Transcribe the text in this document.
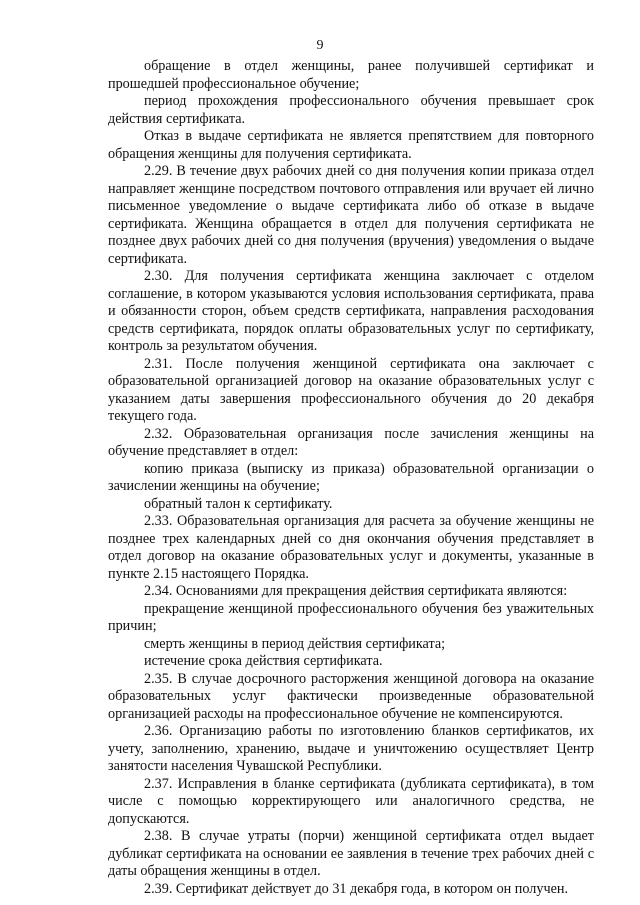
9

обращение в отдел женщины, ранее получившей сертификат и прошедшей профессиональное обучение;

период прохождения профессионального обучения превышает срок действия сертификата.

Отказ в выдаче сертификата не является препятствием для повторного обращения женщины для получения сертификата.

2.29. В течение двух рабочих дней со дня получения копии приказа отдел направляет женщине посредством почтового отправления или вручает ей лично письменное уведомление о выдаче сертификата либо об отказе в выдаче сертификата. Женщина обращается в отдел для получения сертификата не позднее двух рабочих дней со дня получения (вручения) уведомления о выдаче сертификата.

2.30. Для получения сертификата женщина заключает с отделом соглашение, в котором указываются условия использования сертификата, права и обязанности сторон, объем средств сертификата, направления расходования средств сертификата, порядок оплаты образовательных услуг по сертификату, контроль за результатом обучения.

2.31. После получения женщиной сертификата она заключает с образовательной организацией договор на оказание образовательных услуг с указанием даты завершения профессионального обучения до 20 декабря текущего года.

2.32. Образовательная организация после зачисления женщины на обучение представляет в отдел:

копию приказа (выписку из приказа) образовательной организации о зачислении женщины на обучение;

обратный талон к сертификату.

2.33. Образовательная организация для расчета за обучение женщины не позднее трех календарных дней со дня окончания обучения представляет в отдел договор на оказание образовательных услуг и документы, указанные в пункте 2.15 настоящего Порядка.

2.34. Основаниями для прекращения действия сертификата являются:

прекращение женщиной профессионального обучения без уважительных причин;

смерть женщины в период действия сертификата;

истечение срока действия сертификата.

2.35. В случае досрочного расторжения женщиной договора на оказание образовательных услуг фактически произведенные образовательной организацией расходы на профессиональное обучение не компенсируются.

2.36. Организацию работы по изготовлению бланков сертификатов, их учету, заполнению, хранению, выдаче и уничтожению осуществляет Центр занятости населения Чувашской Республики.

2.37. Исправления в бланке сертификата (дубликата сертификата), в том числе с помощью корректирующего или аналогичного средства, не допускаются.

2.38. В случае утраты (порчи) женщиной сертификата отдел выдает дубликат сертификата на основании ее заявления в течение трех рабочих дней с даты обращения женщины в отдел.

2.39. Сертификат действует до 31 декабря года, в котором он получен.
